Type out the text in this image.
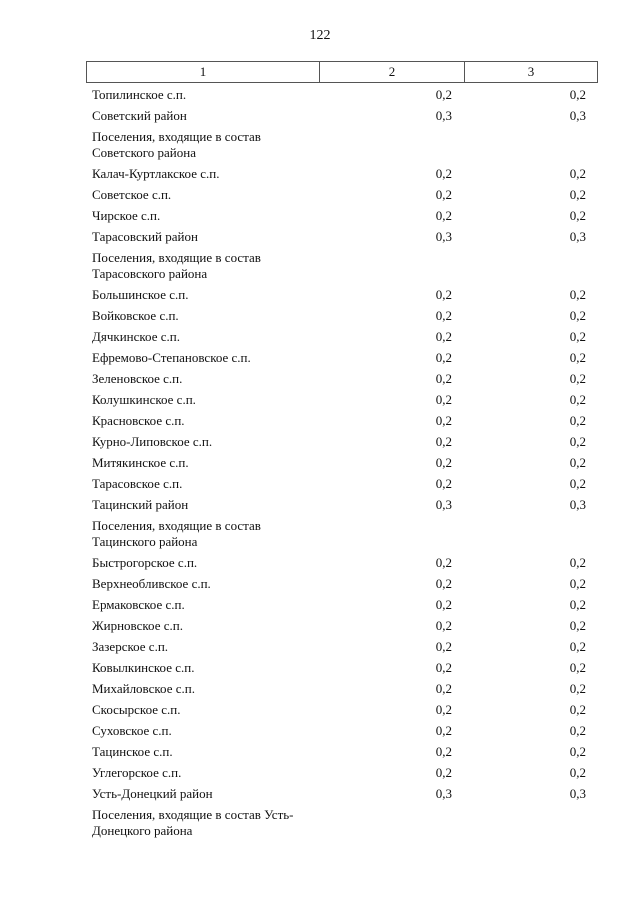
122
1	2	3
Топилинское с.п.	0,2	0,2
Советский район	0,3	0,3
Поселения, входящие в состав Советского района
Калач-Куртлакское с.п.	0,2	0,2
Советское с.п.	0,2	0,2
Чирское с.п.	0,2	0,2
Тарасовский район	0,3	0,3
Поселения, входящие в состав Тарасовского района
Большинское с.п.	0,2	0,2
Войковское с.п.	0,2	0,2
Дячкинское с.п.	0,2	0,2
Ефремово-Степановское с.п.	0,2	0,2
Зеленовское с.п.	0,2	0,2
Колушкинское с.п.	0,2	0,2
Красновское с.п.	0,2	0,2
Курно-Липовское с.п.	0,2	0,2
Митякинское с.п.	0,2	0,2
Тарасовское с.п.	0,2	0,2
Тацинский район	0,3	0,3
Поселения, входящие в состав Тацинского района
Быстрогорское с.п.	0,2	0,2
Верхнеобливское с.п.	0,2	0,2
Ермаковское с.п.	0,2	0,2
Жирновское с.п.	0,2	0,2
Зазерское с.п.	0,2	0,2
Ковылкинское с.п.	0,2	0,2
Михайловское с.п.	0,2	0,2
Скосырское с.п.	0,2	0,2
Суховское с.п.	0,2	0,2
Тацинское с.п.	0,2	0,2
Углегорское с.п.	0,2	0,2
Усть-Донецкий район	0,3	0,3
Поселения, входящие в состав Усть-Донецкого района
